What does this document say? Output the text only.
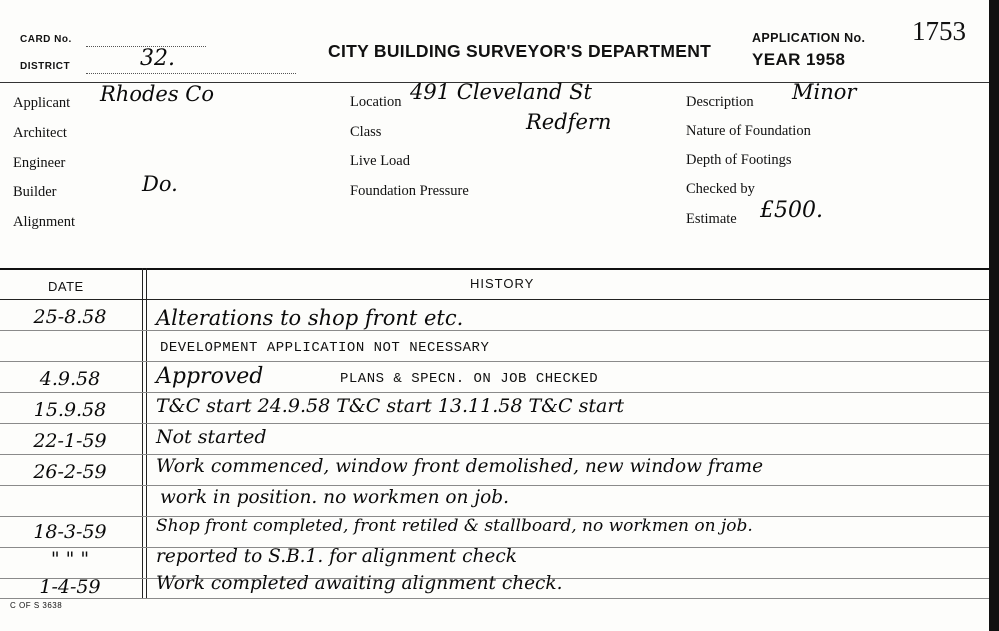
CARD No.
DISTRICT	32.	CITY BUILDING SURVEYOR'S DEPARTMENT
APPLICATION No. 1753
YEAR 1958
Applicant Rhodes Co
Architect
Engineer
Builder	Do.
Alignment
Location 491 Cleveland St
Class	Redfern
Live Load
Foundation Pressure
Description Minor
Nature of Foundation
Depth of Footings
Checked by
Estimate £500.
DATE	HISTORY
25-8.58	Alterations to shop front etc.
DEVELOPMENT APPLICATION NOT NECESSARY
4.9.58	Approved	PLANS & SPECN. ON JOB CHECKED
15.9.58	T&C start 24.9.58 T&C start 13.11.58 T&C start
22-1-59	Not started
26-2-59	Work commenced, window front demolished, new window frame
work in position. no workmen on job.
18-3-59	Shop front completed, front retiled & stallboard, no workmen on job.
" " "	reported to S.B.1. for alignment check
1-4-59	Work completed awaiting alignment check.
C OF S 3638
